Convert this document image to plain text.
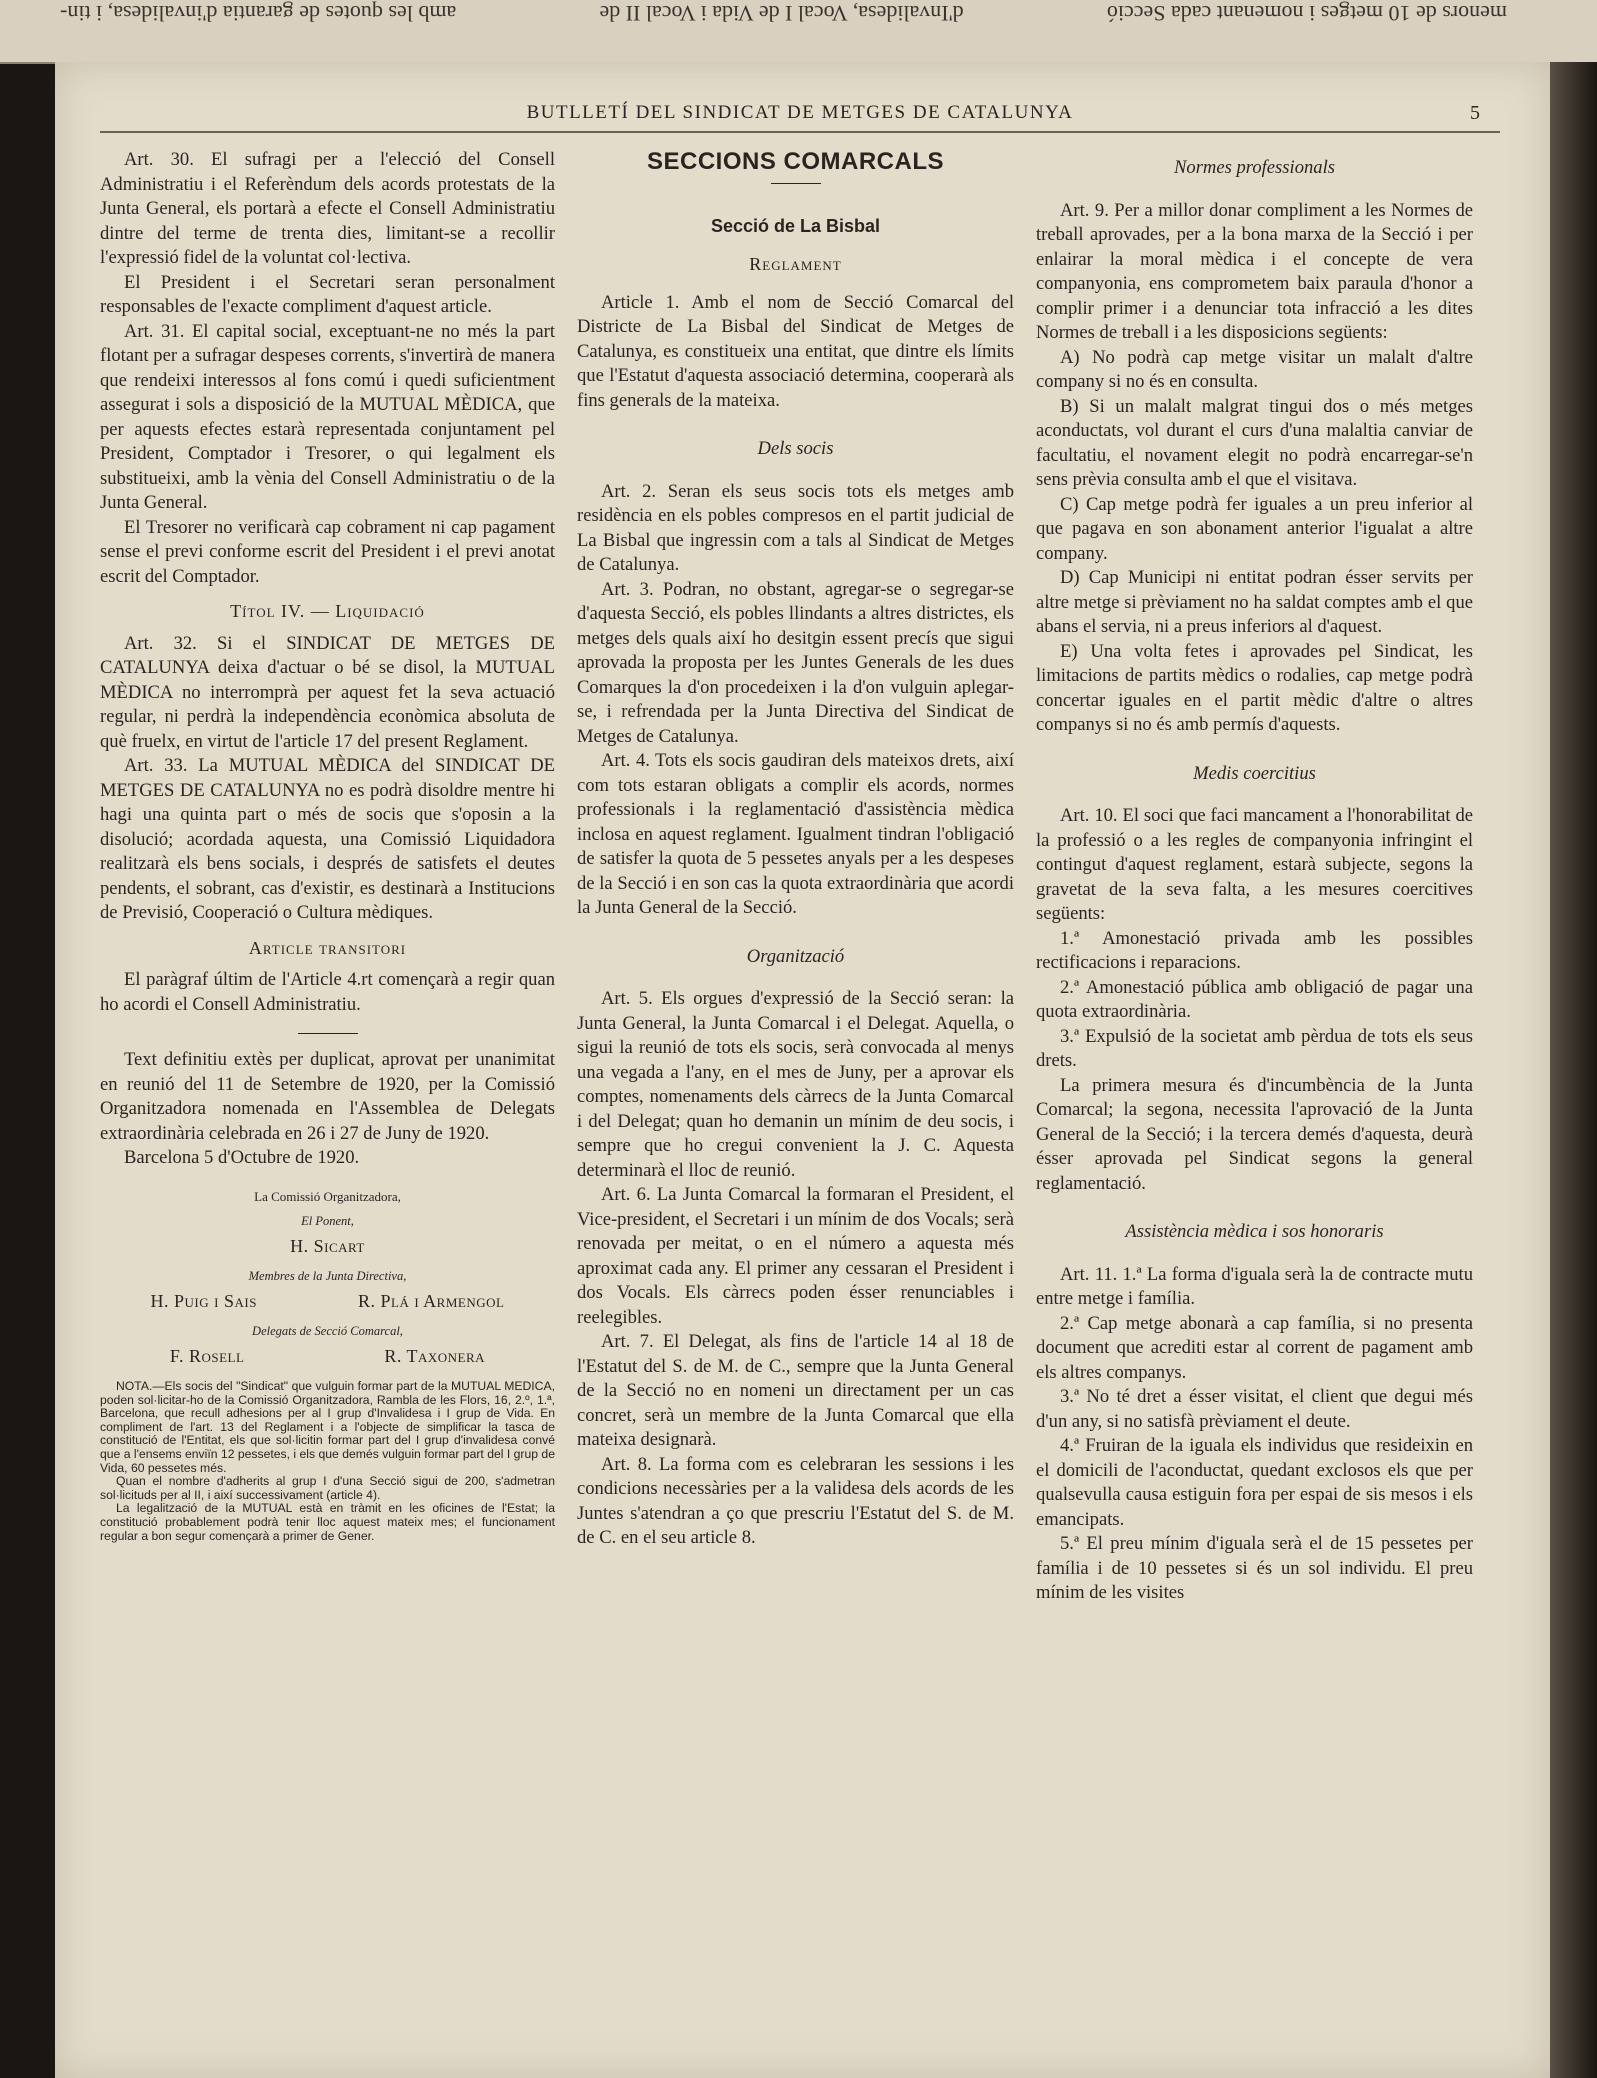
menors de 10 metges i nomenant cada Secció
d'Invalidesa, Vocal I de Vida i Vocal II de
amb les quotes de garantia d'invalidesa, i tin-
BUTLLETÍ DEL SINDICAT DE METGES DE CATALUNYA	5

Art. 30. El sufragi per a l'elecció del Consell Administratiu i el Referèndum dels acords protestats de la Junta General, els portarà a efecte el Consell Administratiu dintre del terme de trenta dies, limitant-se a recollir l'expressió fidel de la voluntat col·lectiva.

El President i el Secretari seran personalment responsables de l'exacte compliment d'aquest article.

Art. 31. El capital social, exceptuant-ne no més la part flotant per a sufragar despeses corrents, s'invertirà de manera que rendeixi interessos al fons comú i quedi suficientment assegurat i sols a disposició de la MUTUAL MÈDICA, que per aquests efectes estarà representada conjuntament pel President, Comptador i Tresorer, o qui legalment els substitueixi, amb la vènia del Consell Administratiu o de la Junta General.

El Tresorer no verificarà cap cobrament ni cap pagament sense el previ conforme escrit del President i el previ anotat escrit del Comptador.

Títol IV. — Liquidació

Art. 32. Si el SINDICAT DE METGES DE CATALUNYA deixa d'actuar o bé se disol, la MUTUAL MÈDICA no interromprà per aquest fet la seva actuació regular, ni perdrà la independència econòmica absoluta de què fruelx, en virtut de l'article 17 del present Reglament.

Art. 33. La MUTUAL MÈDICA del SINDICAT DE METGES DE CATALUNYA no es podrà disoldre mentre hi hagi una quinta part o més de socis que s'oposin a la disolució; acordada aquesta, una Comissió Liquidadora realitzarà els bens socials, i després de satisfets el deutes pendents, el sobrant, cas d'existir, es destinarà a Institucions de Previsió, Cooperació o Cultura mèdiques.

Article transitori

El paràgraf últim de l'Article 4.rt començarà a regir quan ho acordi el Consell Administratiu.

Text definitiu extès per duplicat, aprovat per unanimitat en reunió del 11 de Setembre de 1920, per la Comissió Organitzadora nomenada en l'Assemblea de Delegats extraordinària celebrada en 26 i 27 de Juny de 1920.

Barcelona 5 d'Octubre de 1920.

La Comissió Organitzadora,
El Ponent,
H. Sicart
Membres de la Junta Directiva,
H. Puig i Sais	R. Plá i Armengol
Delegats de Secció Comarcal,
F. Rosell	R. Taxonera

NOTA.—Els socis del "Sindicat" que vulguin formar part de la MUTUAL MEDICA, poden sol·licitar-ho de la Comissió Organitzadora, Rambla de les Flors, 16, 2.º, 1.ª, Barcelona, que recull adhesions per al I grup d'Invalidesa i I grup de Vida. En compliment de l'art. 13 del Reglament i a l'objecte de simplificar la tasca de constitució de l'Entitat, els que sol·licitin formar part del I grup d'invalidesa convé que a l'ensems enviïn 12 pessetes, i els que demés vulguin formar part del I grup de Vida, 60 pessetes més.

Quan el nombre d'adherits al grup I d'una Secció sigui de 200, s'admetran sol·licituds per al II, i així successivament (article 4).

La legalització de la MUTUAL està en tràmit en les oficines de l'Estat; la constitució probablement podrà tenir lloc aquest mateix mes; el funcionament regular a bon segur començarà a primer de Gener.

SECCIONS COMARCALS
Secció de La Bisbal
Reglament

Article 1. Amb el nom de Secció Comarcal del Districte de La Bisbal del Sindicat de Metges de Catalunya, es constitueix una entitat, que dintre els límits que l'Estatut d'aquesta associació determina, cooperarà als fins generals de la mateixa.

Dels socis

Art. 2. Seran els seus socis tots els metges amb residència en els pobles compresos en el partit judicial de La Bisbal que ingressin com a tals al Sindicat de Metges de Catalunya.

Art. 3. Podran, no obstant, agregar-se o segregar-se d'aquesta Secció, els pobles llindants a altres districtes, els metges dels quals així ho desitgin essent precís que sigui aprovada la proposta per les Juntes Generals de les dues Comarques la d'on procedeixen i la d'on vulguin aplegar-se, i refrendada per la Junta Directiva del Sindicat de Metges de Catalunya.

Art. 4. Tots els socis gaudiran dels mateixos drets, així com tots estaran obligats a complir els acords, normes professionals i la reglamentació d'assistència mèdica inclosa en aquest reglament. Igualment tindran l'obligació de satisfer la quota de 5 pessetes anyals per a les despeses de la Secció i en son cas la quota extraordinària que acordi la Junta General de la Secció.

Organització

Art. 5. Els orgues d'expressió de la Secció seran: la Junta General, la Junta Comarcal i el Delegat. Aquella, o sigui la reunió de tots els socis, serà convocada al menys una vegada a l'any, en el mes de Juny, per a aprovar els comptes, nomenaments dels càrrecs de la Junta Comarcal i del Delegat; quan ho demanin un mínim de deu socis, i sempre que ho cregui convenient la J. C. Aquesta determinarà el lloc de reunió.

Art. 6. La Junta Comarcal la formaran el President, el Vice-president, el Secretari i un mínim de dos Vocals; serà renovada per meitat, o en el número a aquesta més aproximat cada any. El primer any cessaran el President i dos Vocals. Els càrrecs poden ésser renunciables i reelegibles.

Art. 7. El Delegat, als fins de l'article 14 al 18 de l'Estatut del S. de M. de C., sempre que la Junta General de la Secció no en nomeni un directament per un cas concret, serà un membre de la Junta Comarcal que ella mateixa designarà.

Art. 8. La forma com es celebraran les sessions i les condicions necessàries per a la validesa dels acords de les Juntes s'atendran a ço que prescriu l'Estatut del S. de M. de C. en el seu article 8.

Normes professionals

Art. 9. Per a millor donar compliment a les Normes de treball aprovades, per a la bona marxa de la Secció i per enlairar la moral mèdica i el concepte de vera companyonia, ens comprometem baix paraula d'honor a complir primer i a denunciar tota infracció a les dites Normes de treball i a les disposicions següents:

A) No podrà cap metge visitar un malalt d'altre company si no és en consulta.

B) Si un malalt malgrat tingui dos o més metges aconductats, vol durant el curs d'una malaltia canviar de facultatiu, el novament elegit no podrà encarregar-se'n sens prèvia consulta amb el que el visitava.

C) Cap metge podrà fer iguales a un preu inferior al que pagava en son abonament anterior l'igualat a altre company.

D) Cap Municipi ni entitat podran ésser servits per altre metge si prèviament no ha saldat comptes amb el que abans el servia, ni a preus inferiors al d'aquest.

E) Una volta fetes i aprovades pel Sindicat, les limitacions de partits mèdics o rodalies, cap metge podrà concertar iguales en el partit mèdic d'altre o altres companys si no és amb permís d'aquests.

Medis coercitius

Art. 10. El soci que faci mancament a l'honorabilitat de la professió o a les regles de companyonia infringint el contingut d'aquest reglament, estarà subjecte, segons la gravetat de la seva falta, a les mesures coercitives següents:

1.ª Amonestació privada amb les possibles rectificacions i reparacions.

2.ª Amonestació pública amb obligació de pagar una quota extraordinària.

3.ª Expulsió de la societat amb pèrdua de tots els seus drets.

La primera mesura és d'incumbència de la Junta Comarcal; la segona, necessita l'aprovació de la Junta General de la Secció; i la tercera demés d'aquesta, deurà ésser aprovada pel Sindicat segons la general reglamentació.

Assistència mèdica i sos honoraris

Art. 11. 1.ª La forma d'iguala serà la de contracte mutu entre metge i família.

2.ª Cap metge abonarà a cap família, si no presenta document que acrediti estar al corrent de pagament amb els altres companys.

3.ª No té dret a ésser visitat, el client que degui més d'un any, si no satisfà prèviament el deute.

4.ª Fruiran de la iguala els individus que resideixin en el domicili de l'aconductat, quedant exclosos els que per qualsevulla causa estiguin fora per espai de sis mesos i els emancipats.

5.ª El preu mínim d'iguala serà el de 15 pessetes per família i de 10 pessetes si és un sol individu. El preu mínim de les visites
